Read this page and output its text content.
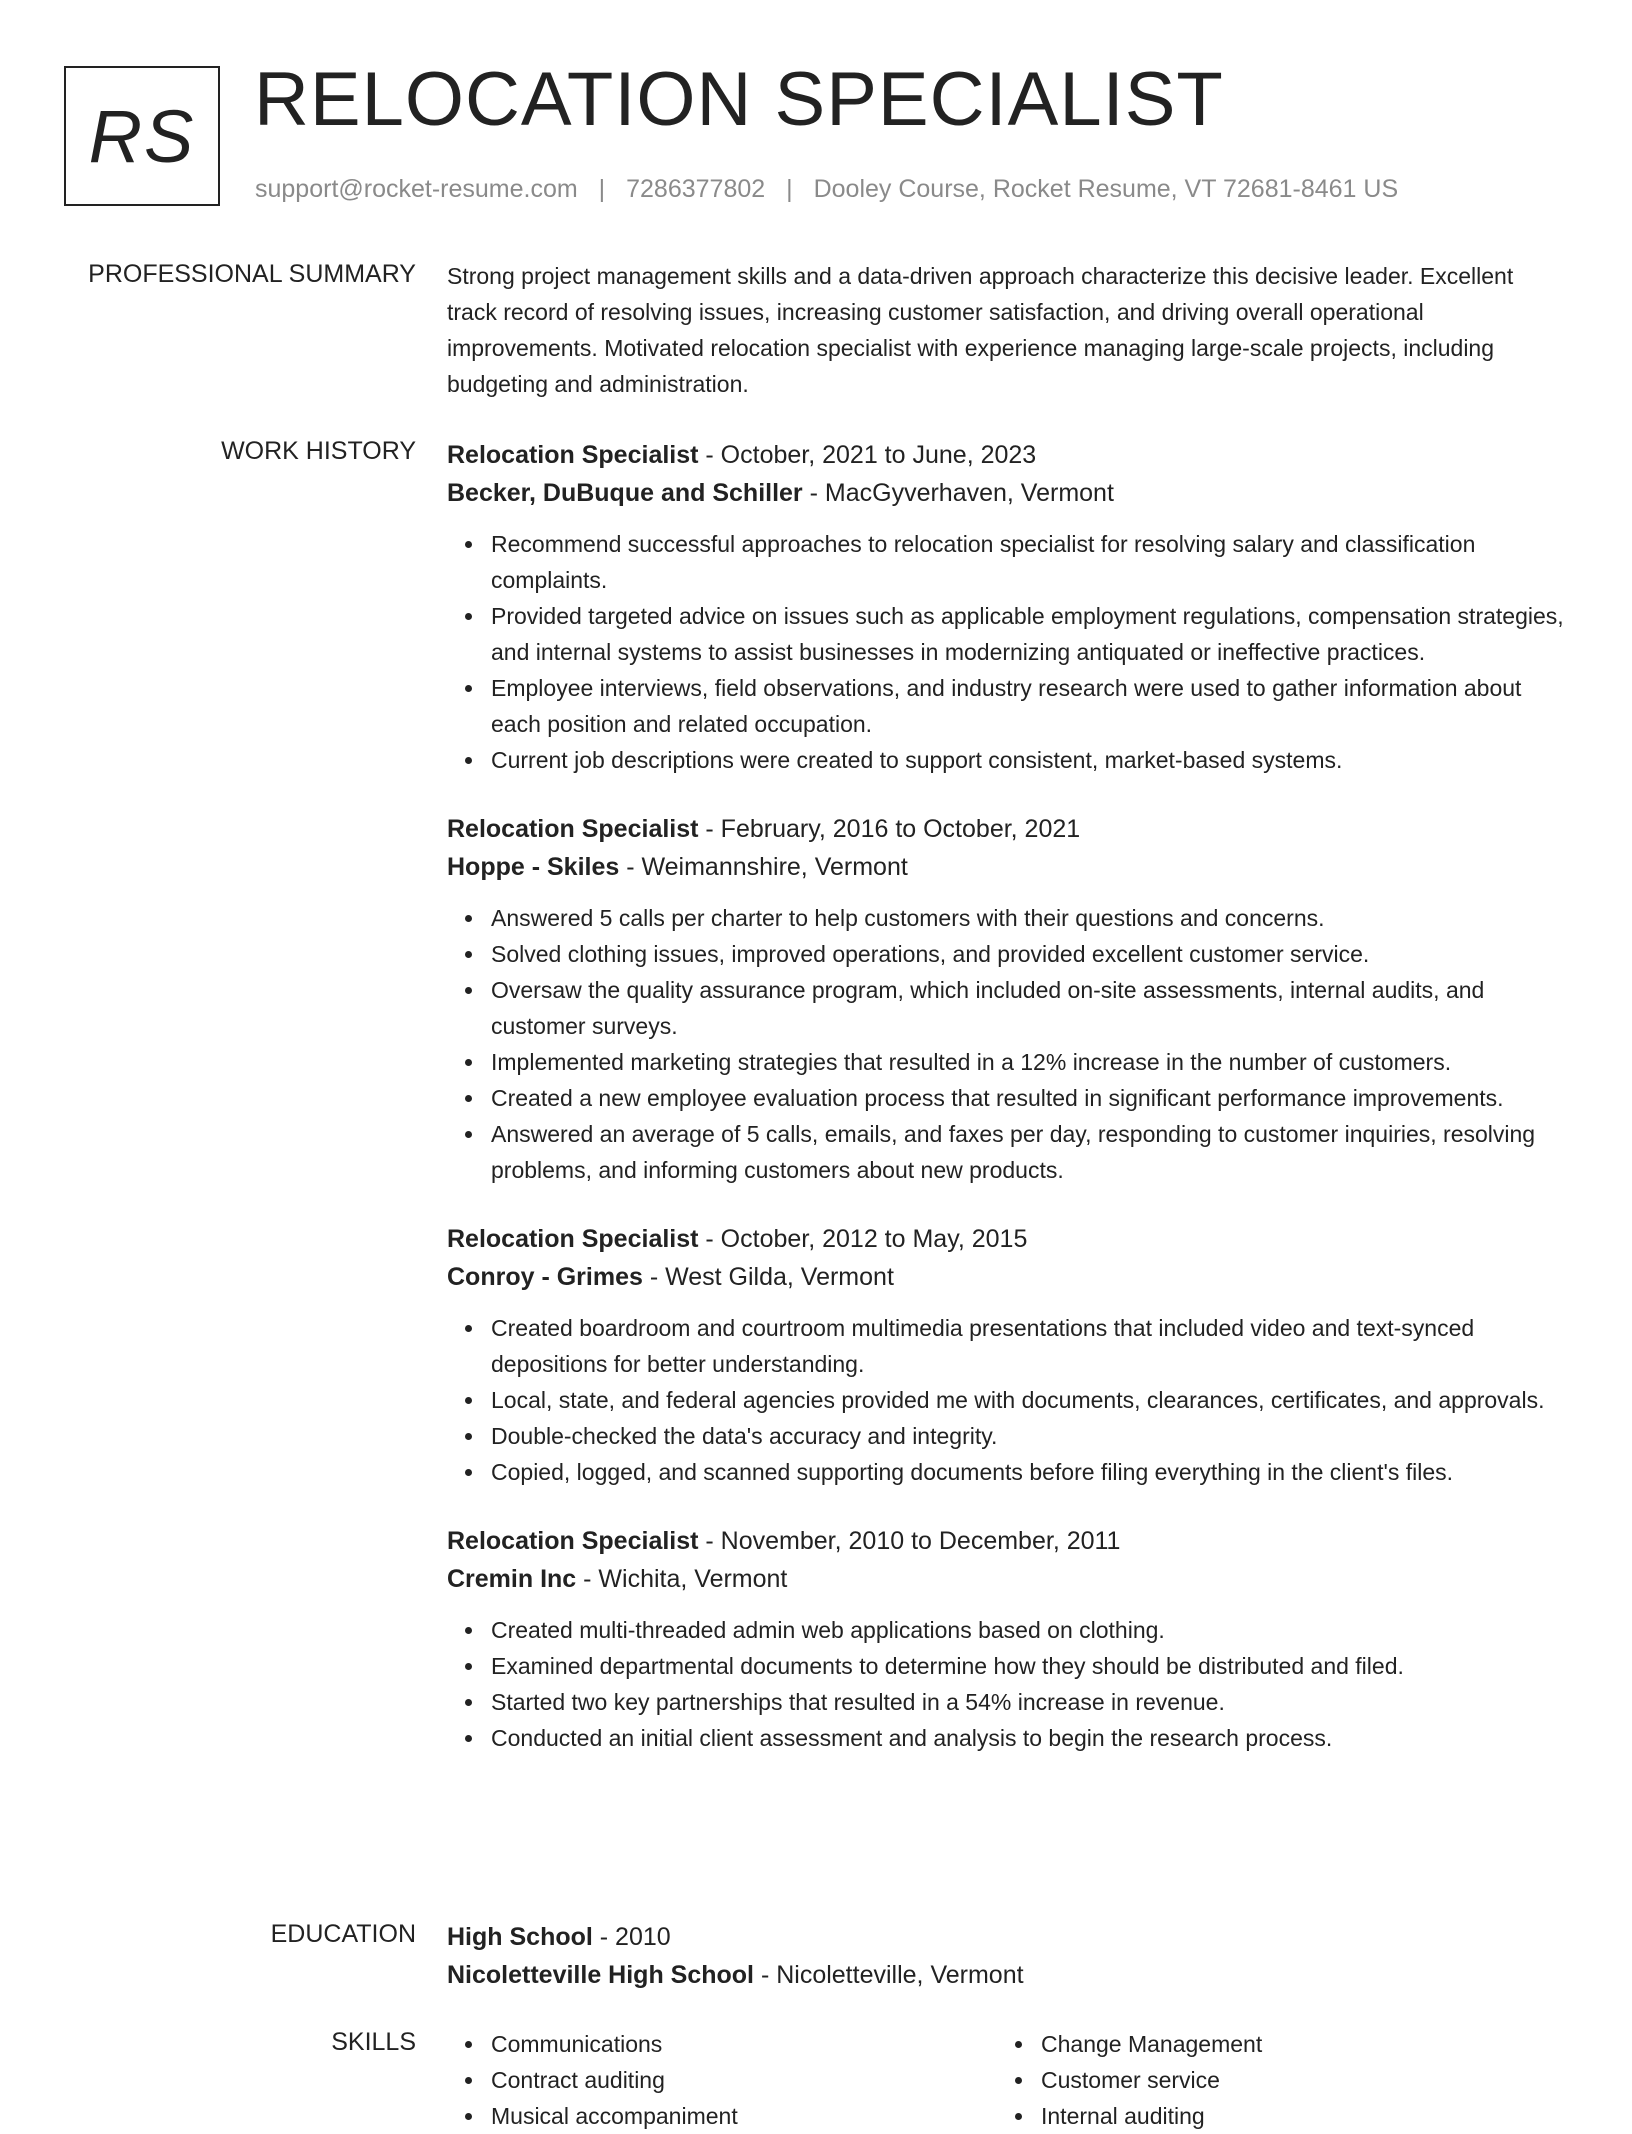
RS RELOCATION SPECIALIST
support@rocket-resume.com | 7286377802 | Dooley Course, Rocket Resume, VT 72681-8461 US
PROFESSIONAL SUMMARY Strong project management skills and a data-driven approach characterize this decisive leader. Excellent track record of resolving issues, increasing customer satisfaction, and driving overall operational improvements. Motivated relocation specialist with experience managing large-scale projects, including budgeting and administration.
WORK HISTORY Relocation Specialist - October, 2021 to June, 2023
Becker, DuBuque and Schiller - MacGyverhaven, Vermont
Recommend successful approaches to relocation specialist for resolving salary and classification complaints.
Provided targeted advice on issues such as applicable employment regulations, compensation strategies, and internal systems to assist businesses in modernizing antiquated or ineffective practices.
Employee interviews, field observations, and industry research were used to gather information about each position and related occupation.
Current job descriptions were created to support consistent, market-based systems.
Relocation Specialist - February, 2016 to October, 2021
Hoppe - Skiles - Weimannshire, Vermont
Answered 5 calls per charter to help customers with their questions and concerns.
Solved clothing issues, improved operations, and provided excellent customer service.
Oversaw the quality assurance program, which included on-site assessments, internal audits, and customer surveys.
Implemented marketing strategies that resulted in a 12% increase in the number of customers.
Created a new employee evaluation process that resulted in significant performance improvements.
Answered an average of 5 calls, emails, and faxes per day, responding to customer inquiries, resolving problems, and informing customers about new products.
Relocation Specialist - October, 2012 to May, 2015
Conroy - Grimes - West Gilda, Vermont
Created boardroom and courtroom multimedia presentations that included video and text-synced depositions for better understanding.
Local, state, and federal agencies provided me with documents, clearances, certificates, and approvals.
Double-checked the data's accuracy and integrity.
Copied, logged, and scanned supporting documents before filing everything in the client's files.
Relocation Specialist - November, 2010 to December, 2011
Cremin Inc - Wichita, Vermont
Created multi-threaded admin web applications based on clothing.
Examined departmental documents to determine how they should be distributed and filed.
Started two key partnerships that resulted in a 54% increase in revenue.
Conducted an initial client assessment and analysis to begin the research process.
EDUCATION High School - 2010
Nicoletteville High School - Nicoletteville, Vermont
SKILLS	Communications
Contract auditing
Musical accompaniment
Change Management
Customer service
Internal auditing
